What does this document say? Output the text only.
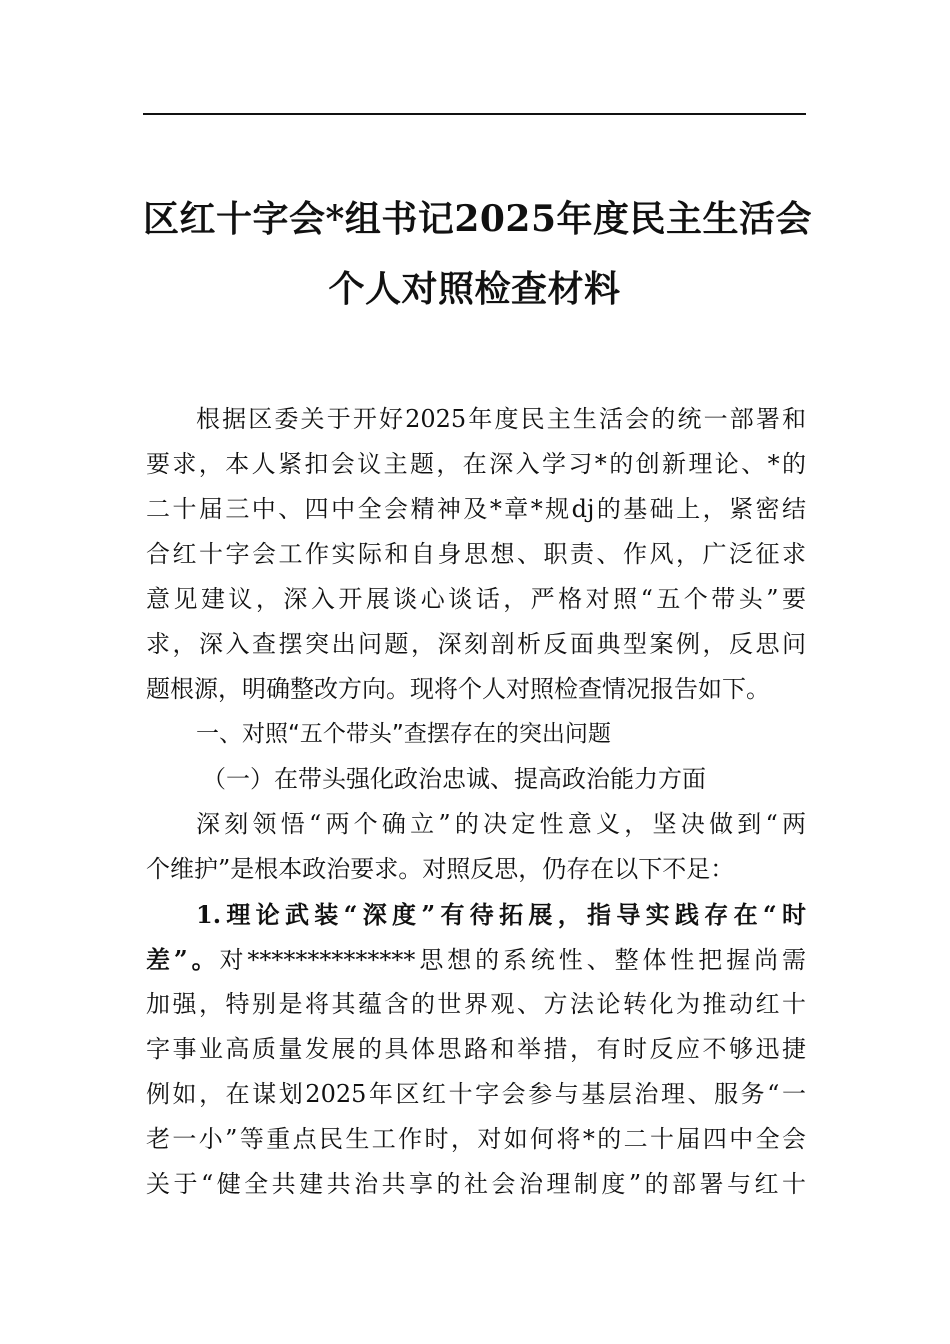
区红十字会*组书记2025年度民主生活会
个人对照检查材料
根据区委关于开好2025年度民主生活会的统一部署和
要求，本人紧扣会议主题，在深入学习*的创新理论、*的
二十届三中、四中全会精神及*章*规dj的基础上，紧密结
合红十字会工作实际和自身思想、职责、作风，广泛征求
意见建议，深入开展谈心谈话，严格对照“五个带头”要
求，深入查摆突出问题，深刻剖析反面典型案例，反思问
题根源，明确整改方向。现将个人对照检查情况报告如下。
一、对照“五个带头”查摆存在的突出问题
（一）在带头强化政治忠诚、提高政治能力方面
深刻领悟“两个确立”的决定性意义，坚决做到“两
个维护”是根本政治要求。对照反思，仍存在以下不足：
1.理论武装“深度”有待拓展，指导实践存在“时
差”。对**************思想的系统性、整体性把握尚需
加强，特别是将其蕴含的世界观、方法论转化为推动红十
字事业高质量发展的具体思路和举措，有时反应不够迅捷
例如，在谋划2025年区红十字会参与基层治理、服务“一
老一小”等重点民生工作时，对如何将*的二十届四中全会
关于“健全共建共治共享的社会治理制度”的部署与红十
